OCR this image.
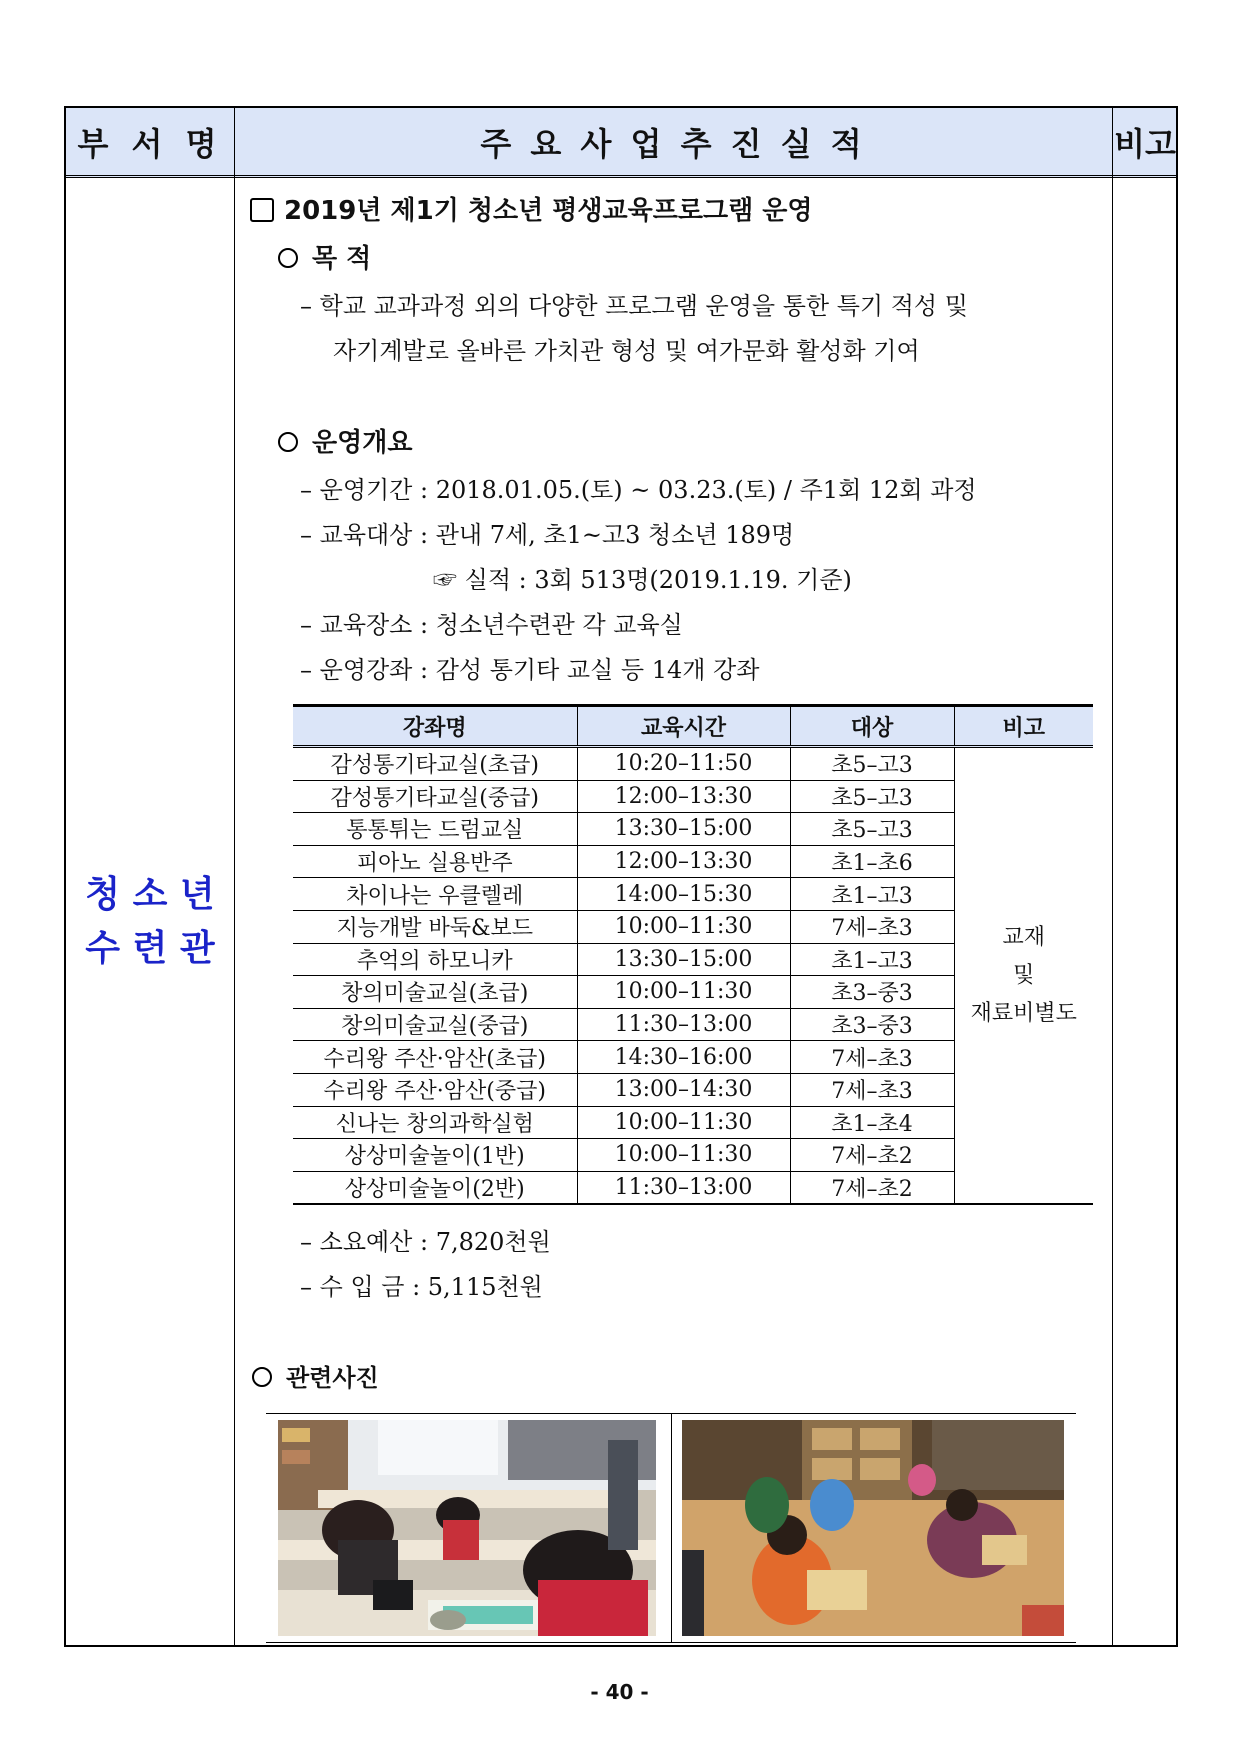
부 서 명	주 요 사 업 추 진 실 적	비고
청 소 년
수 련 관
2019년 제1기 청소년 평생교육프로그램 운영
목 적
– 학교 교과과정 외의 다양한 프로그램 운영을 통한 특기 적성 및
자기계발로 올바른 가치관 형성 및 여가문화 활성화 기여
운영개요
– 운영기간 : 2018.01.05.(토) ~ 03.23.(토) / 주1회 12회 과정
– 교육대상 : 관내 7세, 초1~고3 청소년 189명
☞ 실적 : 3회 513명(2019.1.19. 기준)
– 교육장소 : 청소년수련관 각 교육실
– 운영강좌 : 감성 통기타 교실 등 14개 강좌
강좌명	교육시간	대상	비고
감성통기타교실(초급)	10:20–11:50	초5–고3	교재
및
재료비별도

감성통기타교실(중급)	12:00–13:30	초5–고3	
통통튀는 드럼교실	13:30–15:00	초5–고3	
피아노 실용반주	12:00–13:30	초1–초6	
차이나는 우클렐레	14:00–15:30	초1–고3	
지능개발 바둑&보드	10:00–11:30	7세–초3	
추억의 하모니카	13:30–15:00	초1–고3	
창의미술교실(초급)	10:00–11:30	초3–중3	
창의미술교실(중급)	11:30–13:00	초3–중3	
수리왕 주산·암산(초급)	14:30–16:00	7세–초3	
수리왕 주산·암산(중급)	13:00–14:30	7세–초3	
신나는 창의과학실험	10:00–11:30	초1–초4	
상상미술놀이(1반)	10:00–11:30	7세–초2	
상상미술놀이(2반)	11:30–13:00	7세–초2	
– 소요예산 : 7,820천원
– 수 입 금 : 5,115천원
관련사진
- 40 -
